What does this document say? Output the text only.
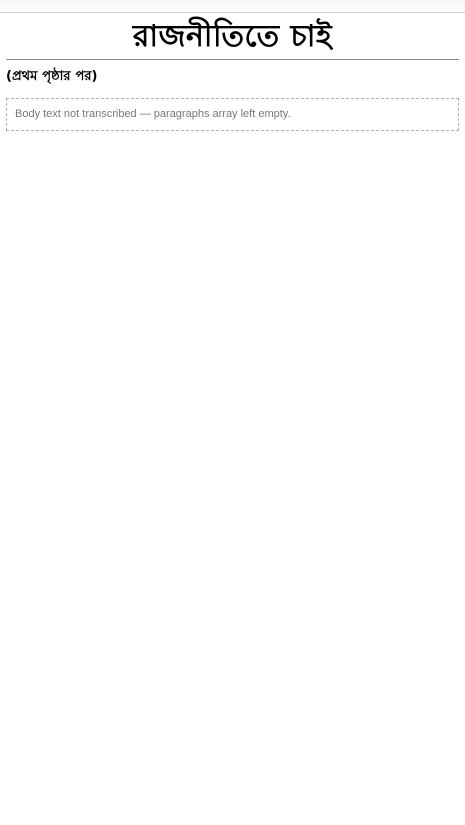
রাজনীতিতে চাই
(প্রথম পৃষ্ঠার পর)
Body text not transcribed — paragraphs array left empty.
